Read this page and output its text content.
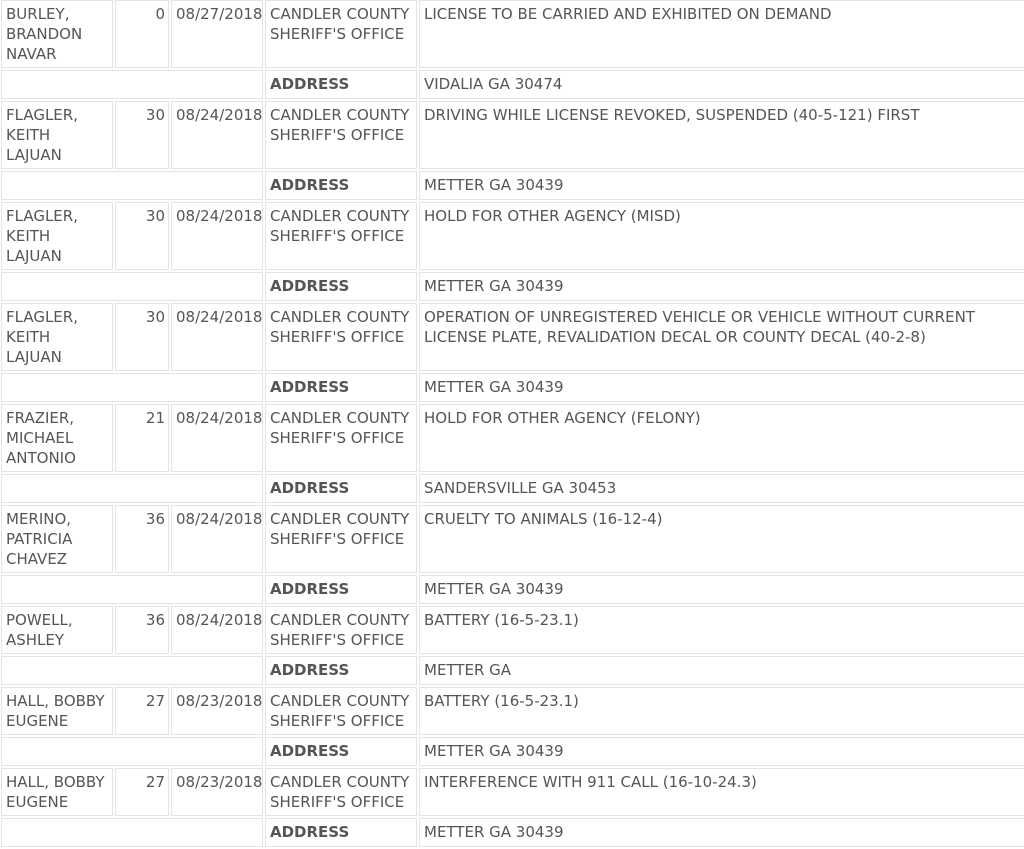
BURLEY, BRANDON NAVAR	0	08/27/2018	CANDLER COUNTY SHERIFF'S OFFICE	LICENSE TO BE CARRIED AND EXHIBITED ON DEMAND
			ADDRESS	VIDALIA GA 30474
FLAGLER, KEITH LAJUAN	30	08/24/2018	CANDLER COUNTY SHERIFF'S OFFICE	DRIVING WHILE LICENSE REVOKED, SUSPENDED (40-5-121) FIRST
			ADDRESS	METTER GA 30439
FLAGLER, KEITH LAJUAN	30	08/24/2018	CANDLER COUNTY SHERIFF'S OFFICE	HOLD FOR OTHER AGENCY (MISD)
			ADDRESS	METTER GA 30439
FLAGLER, KEITH LAJUAN	30	08/24/2018	CANDLER COUNTY SHERIFF'S OFFICE	OPERATION OF UNREGISTERED VEHICLE OR VEHICLE WITHOUT CURRENT LICENSE PLATE, REVALIDATION DECAL OR COUNTY DECAL (40-2-8)
			ADDRESS	METTER GA 30439
FRAZIER, MICHAEL ANTONIO	21	08/24/2018	CANDLER COUNTY SHERIFF'S OFFICE	HOLD FOR OTHER AGENCY (FELONY)
			ADDRESS	SANDERSVILLE GA 30453
MERINO, PATRICIA CHAVEZ	36	08/24/2018	CANDLER COUNTY SHERIFF'S OFFICE	CRUELTY TO ANIMALS (16-12-4)
			ADDRESS	METTER GA 30439
POWELL, ASHLEY	36	08/24/2018	CANDLER COUNTY SHERIFF'S OFFICE	BATTERY (16-5-23.1)
			ADDRESS	METTER GA
HALL, BOBBY EUGENE	27	08/23/2018	CANDLER COUNTY SHERIFF'S OFFICE	BATTERY (16-5-23.1)
			ADDRESS	METTER GA 30439
HALL, BOBBY EUGENE	27	08/23/2018	CANDLER COUNTY SHERIFF'S OFFICE	INTERFERENCE WITH 911 CALL (16-10-24.3)
			ADDRESS	METTER GA 30439
